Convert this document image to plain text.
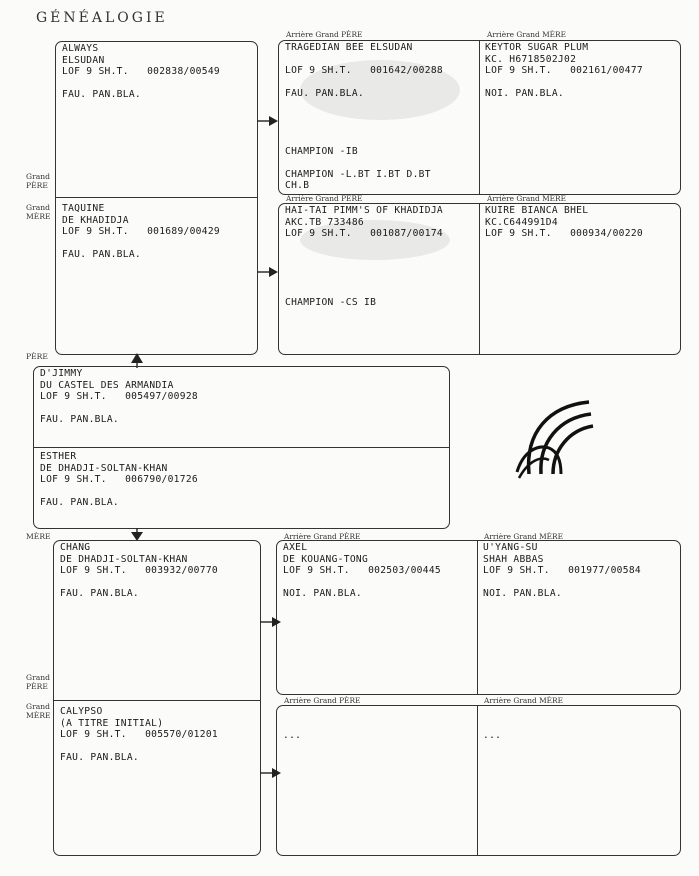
GÉNÉALOGIE
ALWAYS
ELSUDAN
LOF 9 SH.T.   002838/00549

FAU. PAN.BLA.
TAQUINE
DE KHADIDJA
LOF 9 SH.T.   001689/00429

FAU. PAN.BLA.
Grand
PÈRE
Grand
MÈRE
Arrière Grand PÈRE	Arrière Grand MÈRE
Arrière Grand PÈRE	Arrière Grand MÈRE
TRAGEDIAN BEE ELSUDAN

LOF 9 SH.T.   001642/00288

FAU. PAN.BLA.

CHAMPION -IB

CHAMPION -L.BT I.BT D.BT
CH.B
KEYTOR SUGAR PLUM
KC. H6718502J02
LOF 9 SH.T.   002161/00477

NOI. PAN.BLA.
HAI-TAI PIMM'S OF KHADIDJA
AKC.TB 733486
LOF 9 SH.T.   001087/00174

CHAMPION -CS IB
KUIRE BIANCA BHEL
KC.C644991D4
LOF 9 SH.T.   000934/00220
PÈRE
D'JIMMY
DU CASTEL DES ARMANDIA
LOF 9 SH.T.   005497/00928

FAU. PAN.BLA.
ESTHER
DE DHADJI-SOLTAN-KHAN
LOF 9 SH.T.   006790/01726

FAU. PAN.BLA.
MÈRE
CHANG
DE DHADJI-SOLTAN-KHAN
LOF 9 SH.T.   003932/00770

FAU. PAN.BLA.
CALYPSO
(A TITRE INITIAL)
LOF 9 SH.T.   005570/01201

FAU. PAN.BLA.
Grand
PÈRE
Grand
MÈRE
Arrière Grand PÈRE	Arrière Grand MÈRE
Arrière Grand PÈRE	Arrière Grand MÈRE
AXEL
DE KOUANG-TONG
LOF 9 SH.T.   002503/00445

NOI. PAN.BLA.
U'YANG-SU
SHAH ABBAS
LOF 9 SH.T.   001977/00584

NOI. PAN.BLA.

...

	...
